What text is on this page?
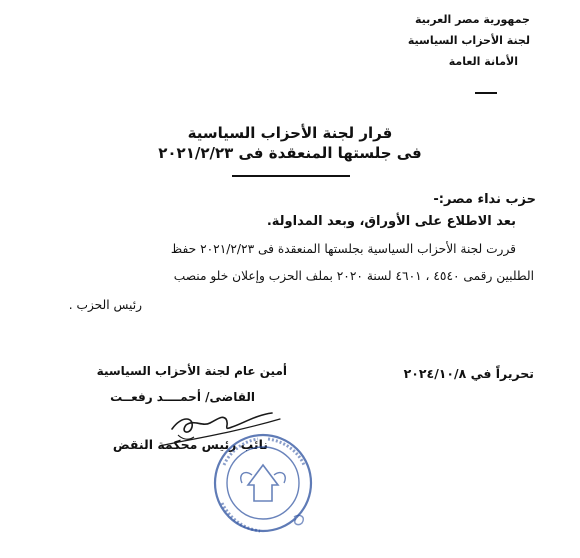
جمهورية مصر العربية
لجنة الأحزاب السياسية
الأمانة العامة
قرار لجنة الأحزاب السياسية
فى جلستها المنعقدة فى ٢٠٢١/٢/٢٣
حزب نداء مصر:-
بعد الاطلاع على الأوراق، وبعد المداولة.
قررت لجنة الأحزاب السياسية بجلستها المنعقدة فى ٢٠٢١/٢/٢٣ حفظ
الطلبين رقمى ٤٥٤٠ ، ٤٦٠١ لسنة ٢٠٢٠ بملف الحزب وإعلان خلو منصب
رئيس الحزب .
تحريراً في ٢٠٢٤/١٠/٨
أمين عام لجنة الأحزاب السياسية
القاضى/ أحمــــد رفعــت
نائب رئيس محكمة النقض
